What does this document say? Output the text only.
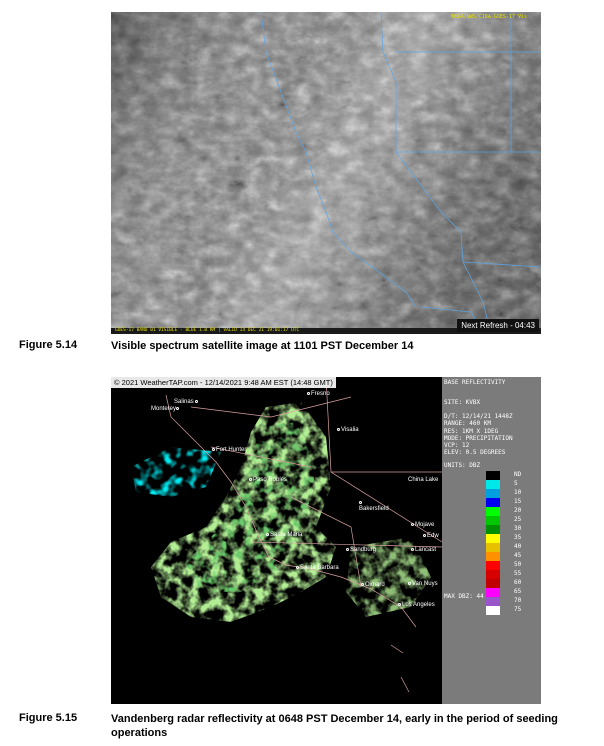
NOAA/NWS/CIRA GOES-17 Vis
GOES-17 BAND 01 VISIBLE - BLUE 1.0 KM | VALID 14 DEC 21 19:01:17 UTC
Next Refresh - 04:43
Figure 5.14	Visible spectrum satellite image at 1101 PST December 14
© 2021 WeatherTAP.com - 12/14/2021 9:48 AM EST (14:48 GMT)
Fresno
Salinas
Monterey
Visalia
Fort Hunter
Paso Robles	China Lake

Bakersfield
Mojave
Edw
Santa Maria
Sandburg	Lancast
Santa Barbara
Oxnard	Van Nuys
Los Angeles
BASE REFLECTIVITY
SITE: KVBX
D/T: 12/14/21 1448Z
RANGE: 460 KM
RES: 1KM X 1DEG
MODE: PRECIPITATION
VCP: 12
ELEV: 0.5 DEGREES
UNITS: DBZ
ND
5
10
15
20
25
30
35
40
45
50
55
60
65
70
75
MAX DBZ: 44
Figure 5.15	Vandenberg radar reflectivity at 0648 PST December 14, early in the period of seeding operations
